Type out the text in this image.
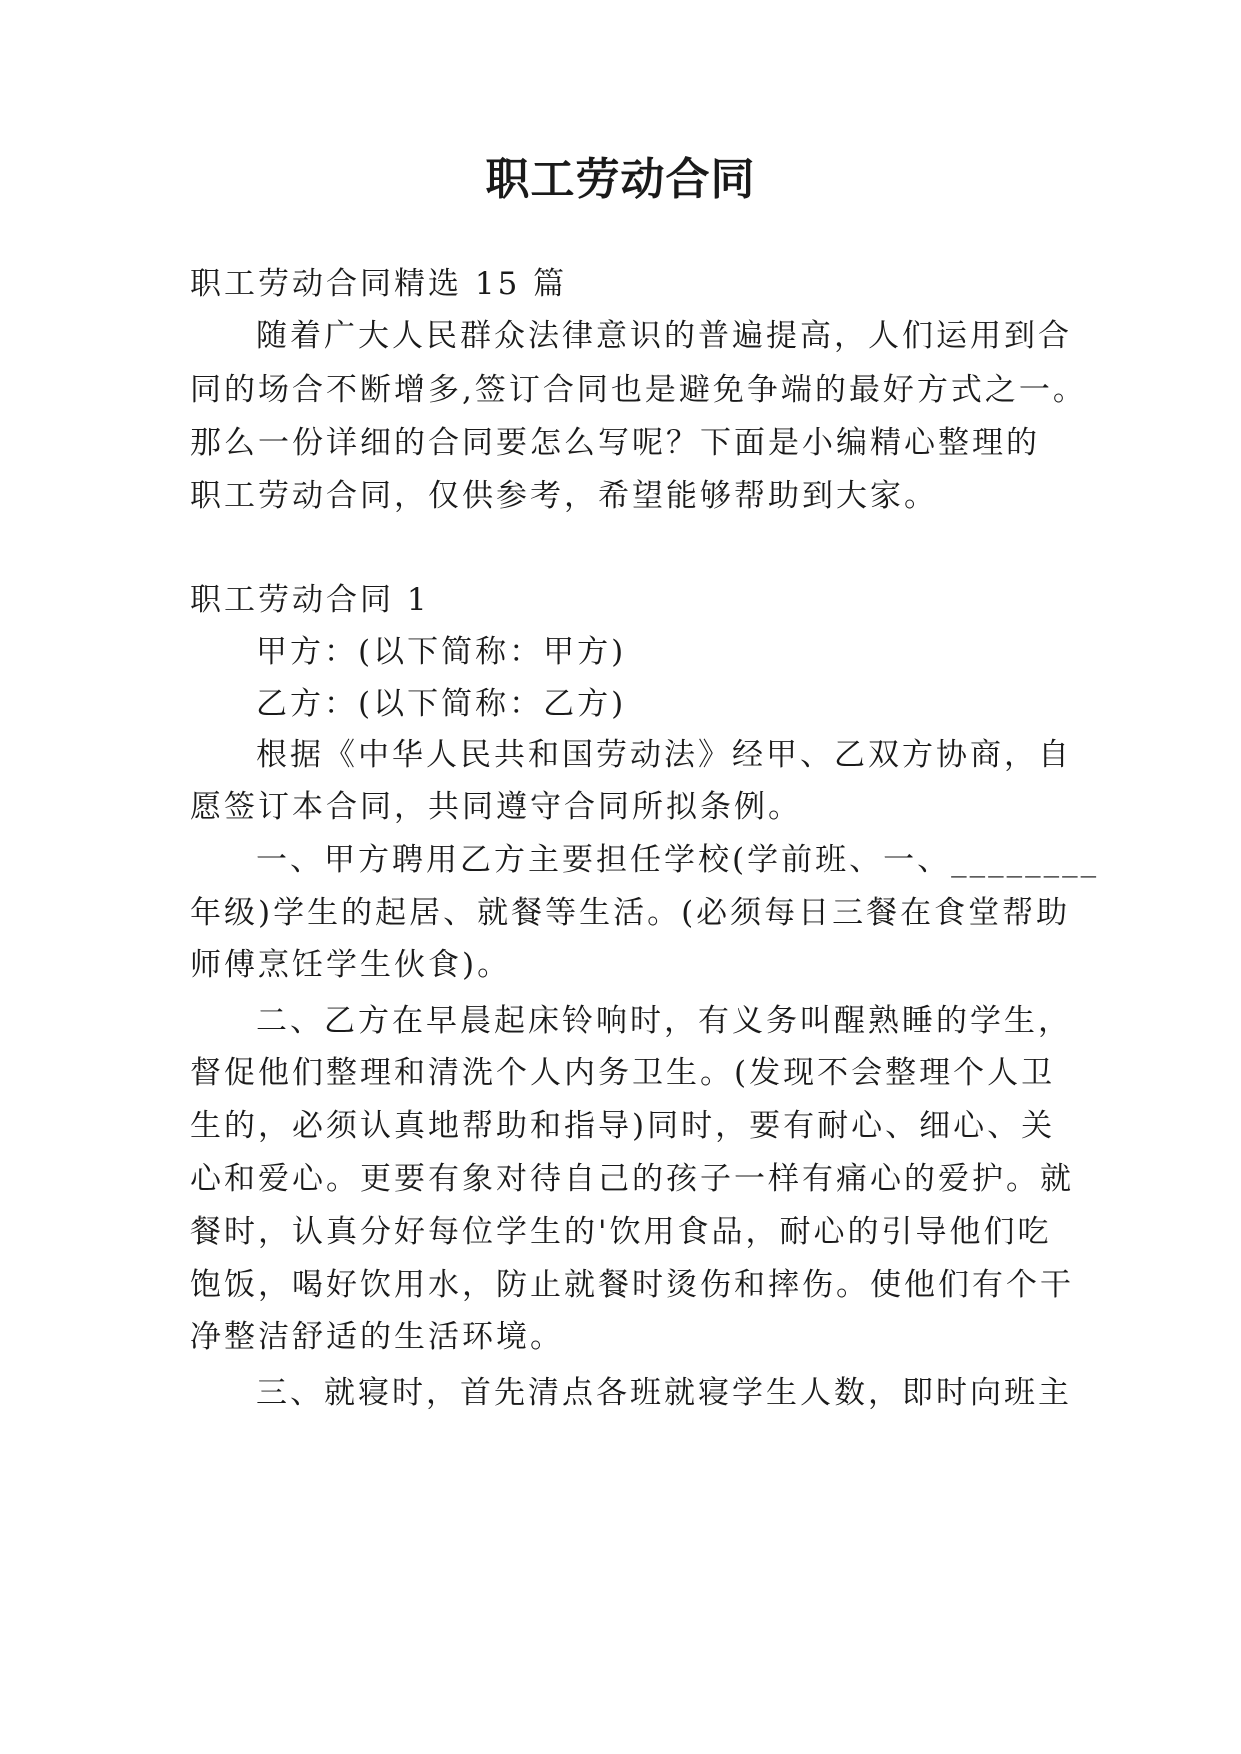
职工劳动合同

职工劳动合同精选 15 篇

随着广大人民群众法律意识的普遍提高，人们运用到合

同的场合不断增多,签订合同也是避免争端的最好方式之一。

那么一份详细的合同要怎么写呢？下面是小编精心整理的

职工劳动合同，仅供参考，希望能够帮助到大家。

职工劳动合同 1

甲方：(以下简称：甲方)

乙方：(以下简称：乙方)

根据《中华人民共和国劳动法》经甲、乙双方协商，自

愿签订本合同，共同遵守合同所拟条例。

一、甲方聘用乙方主要担任学校(学前班、一、________

年级)学生的起居、就餐等生活。(必须每日三餐在食堂帮助

师傅烹饪学生伙食)。

二、乙方在早晨起床铃响时，有义务叫醒熟睡的学生，

督促他们整理和清洗个人内务卫生。(发现不会整理个人卫

生的，必须认真地帮助和指导)同时，要有耐心、细心、关

心和爱心。更要有象对待自己的孩子一样有痛心的爱护。就

餐时，认真分好每位学生的'饮用食品，耐心的引导他们吃

饱饭，喝好饮用水，防止就餐时烫伤和摔伤。使他们有个干

净整洁舒适的生活环境。

三、就寝时，首先清点各班就寝学生人数，即时向班主
